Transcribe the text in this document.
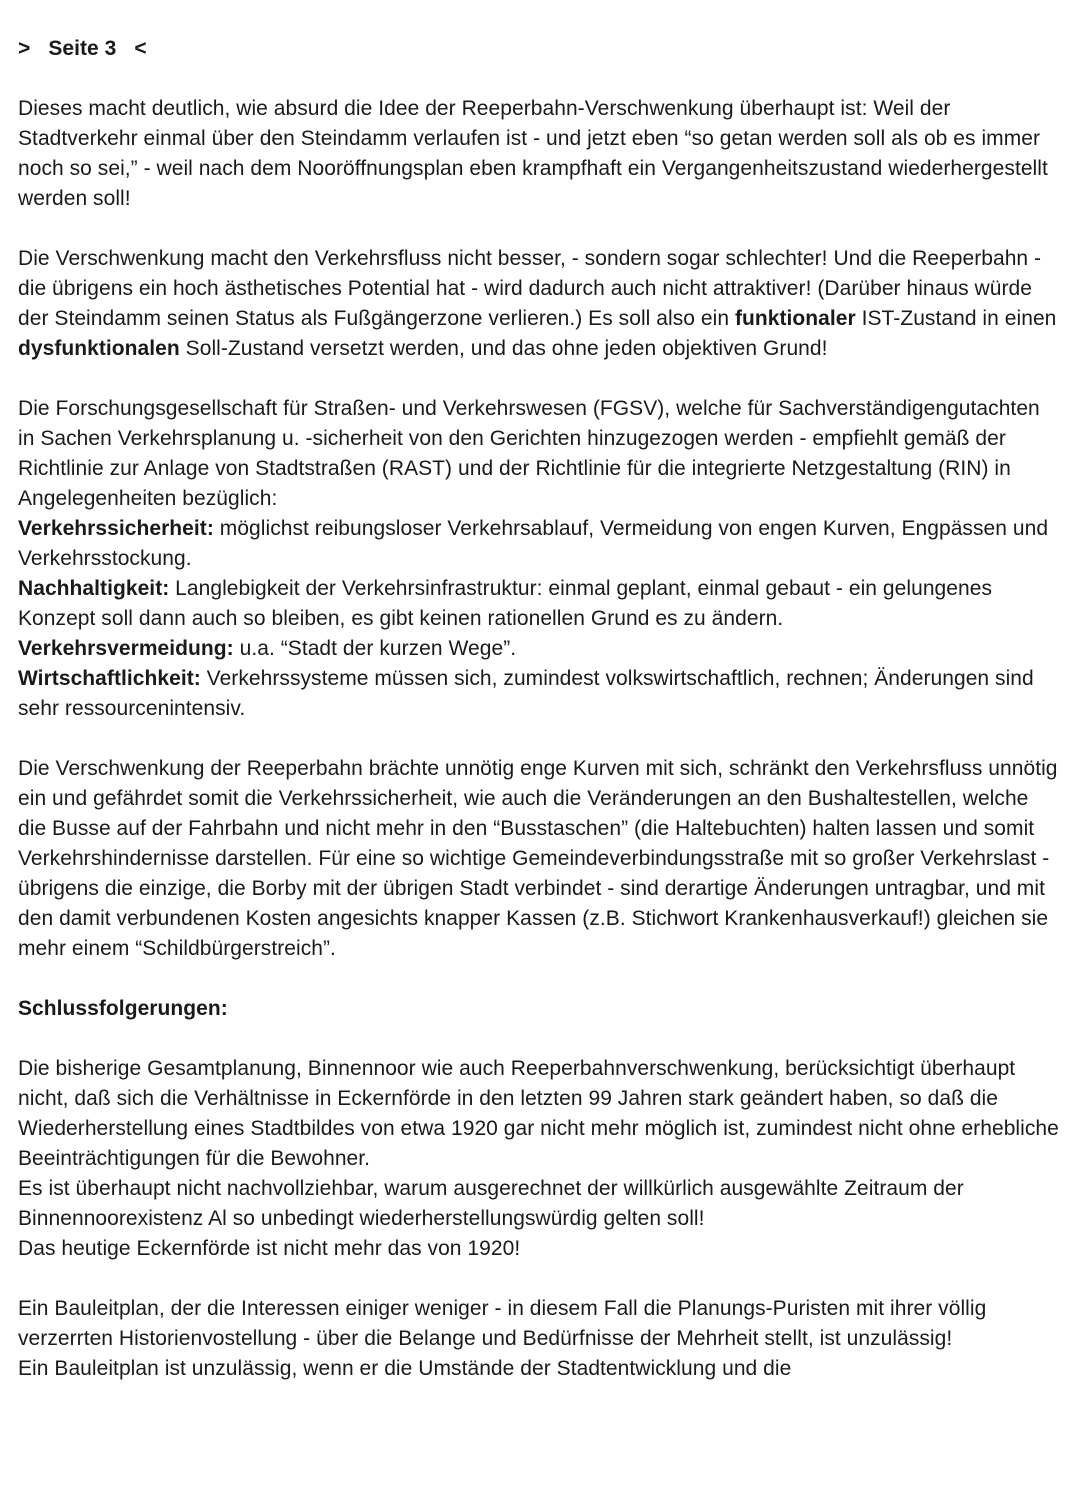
> Seite 3 <

Dieses macht deutlich, wie absurd die Idee der Reeperbahn-Verschwenkung überhaupt ist: Weil der Stadtverkehr einmal über den Steindamm verlaufen ist - und jetzt eben “so getan werden soll als ob es immer noch so sei,” - weil nach dem Nooröffnungsplan eben krampfhaft ein Vergangenheitszustand wiederhergestellt werden soll!

Die Verschwenkung macht den Verkehrsfluss nicht besser, - sondern sogar schlechter! Und die Reeperbahn - die übrigens ein hoch ästhetisches Potential hat - wird dadurch auch nicht attraktiver! (Darüber hinaus würde der Steindamm seinen Status als Fußgängerzone verlieren.) Es soll also ein funktionaler IST-Zustand in einen dysfunktionalen Soll-Zustand versetzt werden, und das ohne jeden objektiven Grund!

Die Forschungsgesellschaft für Straßen- und Verkehrswesen (FGSV), welche für Sachverständigengutachten in Sachen Verkehrsplanung u. -sicherheit von den Gerichten hinzugezogen werden - empfiehlt gemäß der Richtlinie zur Anlage von Stadtstraßen (RAST) und der Richtlinie für die integrierte Netzgestaltung (RIN) in Angelegenheiten bezüglich:
Verkehrssicherheit: möglichst reibungsloser Verkehrsablauf, Vermeidung von engen Kurven, Engpässen und Verkehrsstockung.
Nachhaltigkeit: Langlebigkeit der Verkehrsinfrastruktur: einmal geplant, einmal gebaut - ein gelungenes Konzept soll dann auch so bleiben, es gibt keinen rationellen Grund es zu ändern.
Verkehrsvermeidung: u.a. “Stadt der kurzen Wege”.
Wirtschaftlichkeit: Verkehrssysteme müssen sich, zumindest volkswirtschaftlich, rechnen; Änderungen sind sehr ressourcenintensiv.

Die Verschwenkung der Reeperbahn brächte unnötig enge Kurven mit sich, schränkt den Verkehrsfluss unnötig ein und gefährdet somit die Verkehrssicherheit, wie auch die Veränderungen an den Bushaltestellen, welche die Busse auf der Fahrbahn und nicht mehr in den “Busstaschen” (die Haltebuchten) halten lassen und somit Verkehrshindernisse darstellen. Für eine so wichtige Gemeindeverbindungsstraße mit so großer Verkehrslast - übrigens die einzige, die Borby mit der übrigen Stadt verbindet - sind derartige Änderungen untragbar, und mit den damit verbundenen Kosten angesichts knapper Kassen (z.B. Stichwort Krankenhausverkauf!) gleichen sie mehr einem “Schildbürgerstreich”.

Schlussfolgerungen:

Die bisherige Gesamtplanung, Binnennoor wie auch Reeperbahnverschwenkung, berücksichtigt überhaupt nicht, daß sich die Verhältnisse in Eckernförde in den letzten 99 Jahren stark geändert haben, so daß die Wiederherstellung eines Stadtbildes von etwa 1920 gar nicht mehr möglich ist, zumindest nicht ohne erhebliche Beeinträchtigungen für die Bewohner.
Es ist überhaupt nicht nachvollziehbar, warum ausgerechnet der willkürlich ausgewählte Zeitraum der Binnennoorexistenz Al so unbedingt wiederherstellungswürdig gelten soll!
Das heutige Eckernförde ist nicht mehr das von 1920!

Ein Bauleitplan, der die Interessen einiger weniger - in diesem Fall die Planungs-Puristen mit ihrer völlig verzerrten Historienvostellung - über die Belange und Bedürfnisse der Mehrheit stellt, ist unzulässig!
Ein Bauleitplan ist unzulässig, wenn er die Umstände der Stadtentwicklung und die
